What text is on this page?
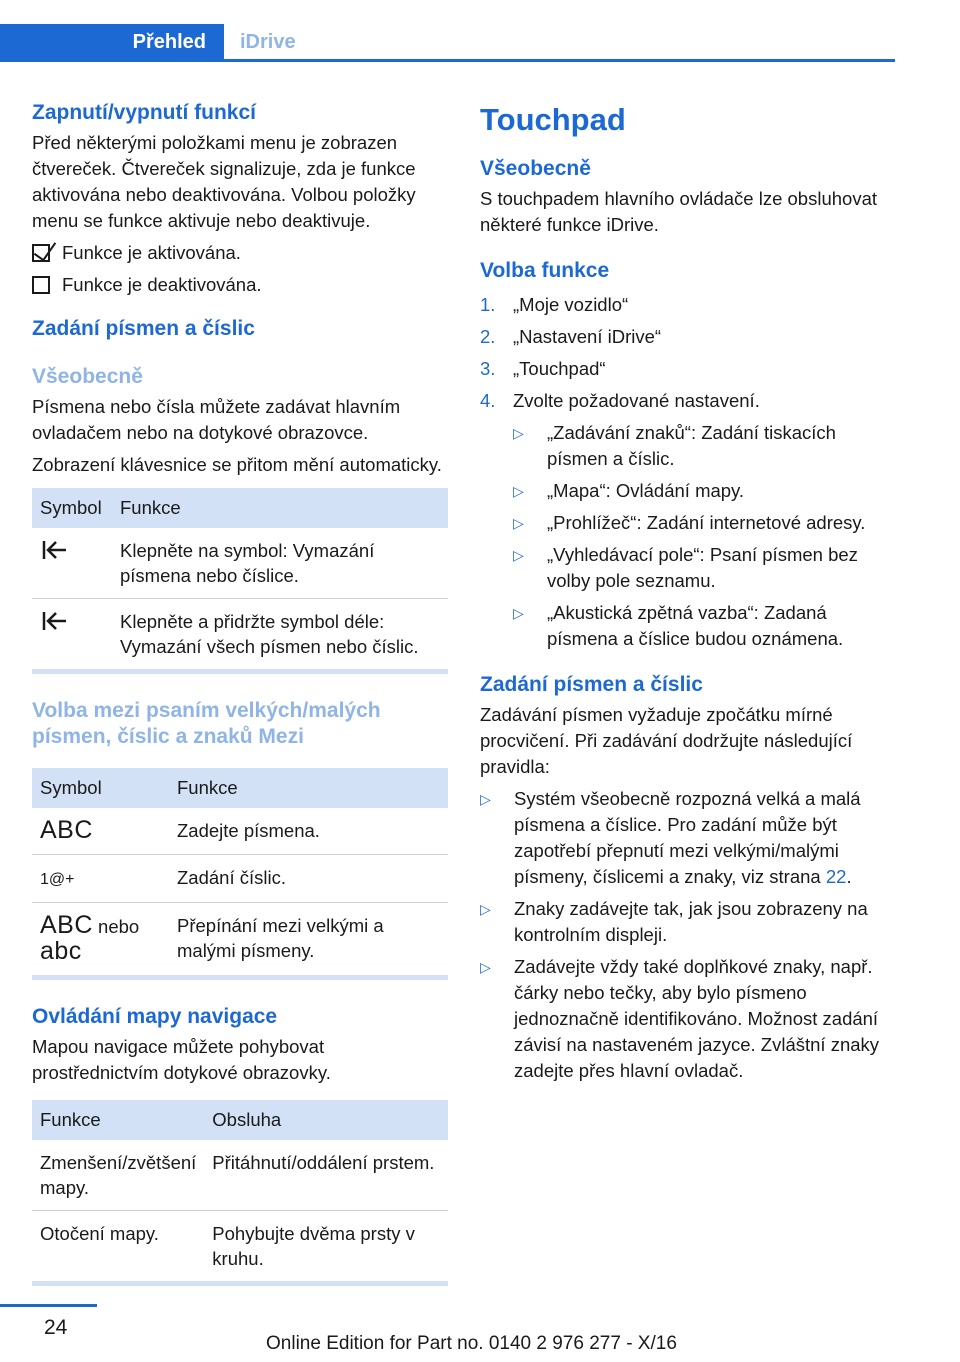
Přehled	iDrive
Zapnutí/vypnutí funkcí

Před některými položkami menu je zobrazen čtvereček. Čtvereček signalizuje, zda je funkce aktivována nebo deaktivována. Volbou položky menu se funkce aktivuje nebo deaktivuje.

Funkce je aktivována.
Funkce je deaktivována.
Zadání písmen a číslic
Všeobecně

Písmena nebo čísla můžete zadávat hlavním ovladačem nebo na dotykové obrazovce.

Zobrazení klávesnice se přitom mění automaticky.

Symbol	Funkce
	Klepněte na symbol: Vymazání písmena nebo číslice.
	Klepněte a přidržte symbol déle: Vymazání všech písmen nebo číslic.
Volba mezi psaním velkých/malých písmen, číslic a znaků Mezi
Symbol	Funkce
ABC	Zadejte písmena.
1@+	Zadání číslic.
ABC nebo
abc	Přepínání mezi velkými a malými písmeny.
Ovládání mapy navigace

Mapou navigace můžete pohybovat prostřednictvím dotykové obrazovky.

Funkce	Obsluha
Zmenšení/zvětšení mapy.	Přitáhnutí/oddálení prstem.
Otočení mapy.	Pohybujte dvěma prsty v kruhu.
Touchpad
Všeobecně

S touchpadem hlavního ovládače lze obsluhovat některé funkce iDrive.

Volba funkce
1. „Moje vozidlo“
2. „Nastavení iDrive“
3. „Touchpad“
4. Zvolte požadované nastavení.
▷	„Zadávání znaků“: Zadání tiskacích písmen a číslic.
▷	„Mapa“: Ovládání mapy.
▷	„Prohlížeč“: Zadání internetové adresy.
▷	„Vyhledávací pole“: Psaní písmen bez volby pole seznamu.
▷	„Akustická zpětná vazba“: Zadaná písmena a číslice budou oznámena.
Zadání písmen a číslic

Zadávání písmen vyžaduje zpočátku mírné procvičení. Při zadávání dodržujte následující pravidla:

▷	Systém všeobecně rozpozná velká a malá písmena a číslice. Pro zadání může být zapotřebí přepnutí mezi velkými/malými písmeny, číslicemi a znaky, viz strana 22.
▷	Znaky zadávejte tak, jak jsou zobrazeny na kontrolním displeji.
▷	Zadávejte vždy také doplňkové znaky, např. čárky nebo tečky, aby bylo písmeno jednoznačně identifikováno. Možnost zadání závisí na nastaveném jazyce. Zvláštní znaky zadejte přes hlavní ovladač.
24
Online Edition for Part no. 0140 2 976 277 - X/16
